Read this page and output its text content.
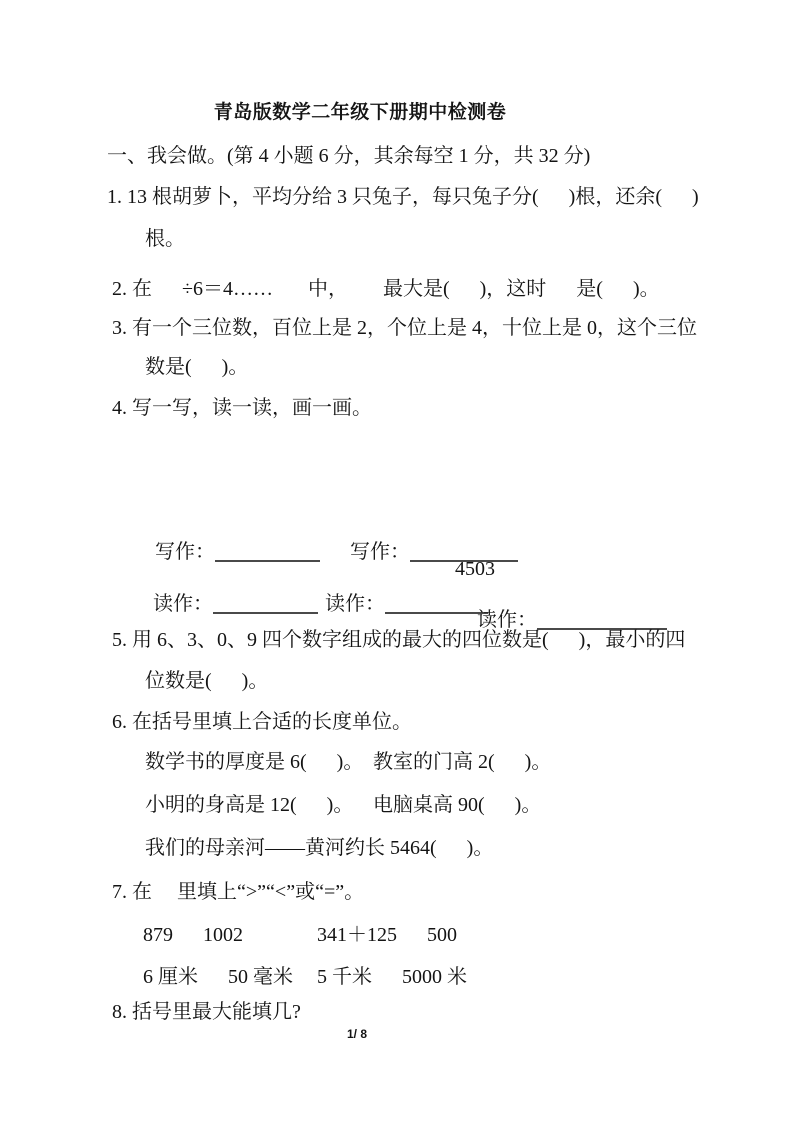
青岛版数学二年级下册期中检测卷
一、我会做。(第 4 小题 6 分，其余每空 1 分，共 32 分)
1. 13 根胡萝卜，平均分给 3 只兔子，每只兔子分(      )根，还余(      )
根。
2. 在      ÷6＝4……       中，       最大是(      )，这时      是(      )。
3. 有一个三位数，百位上是 2，个位上是 4，十位上是 0，这个三位
数是(      )。
4. 写一写，读一读，画一画。

写作：
	写作：

读作：
	读作：

4503

读作：

5. 用 6、3、0、9 四个数字组成的最大的四位数是(      )，最小的四
位数是(      )。
6. 在括号里填上合适的长度单位。
数学书的厚度是 6(      )。 教室的门高 2(      )。
小明的身高是 12(      )。 电脑桌高 90(      )。
我们的母亲河——黄河约长 5464(      )。
7. 在     里填上“>”“<”或“=”。
879      1002	341＋125      500
6 厘米      50 毫米 5 千米      5000 米
8. 括号里最大能填几?
1/ 8
